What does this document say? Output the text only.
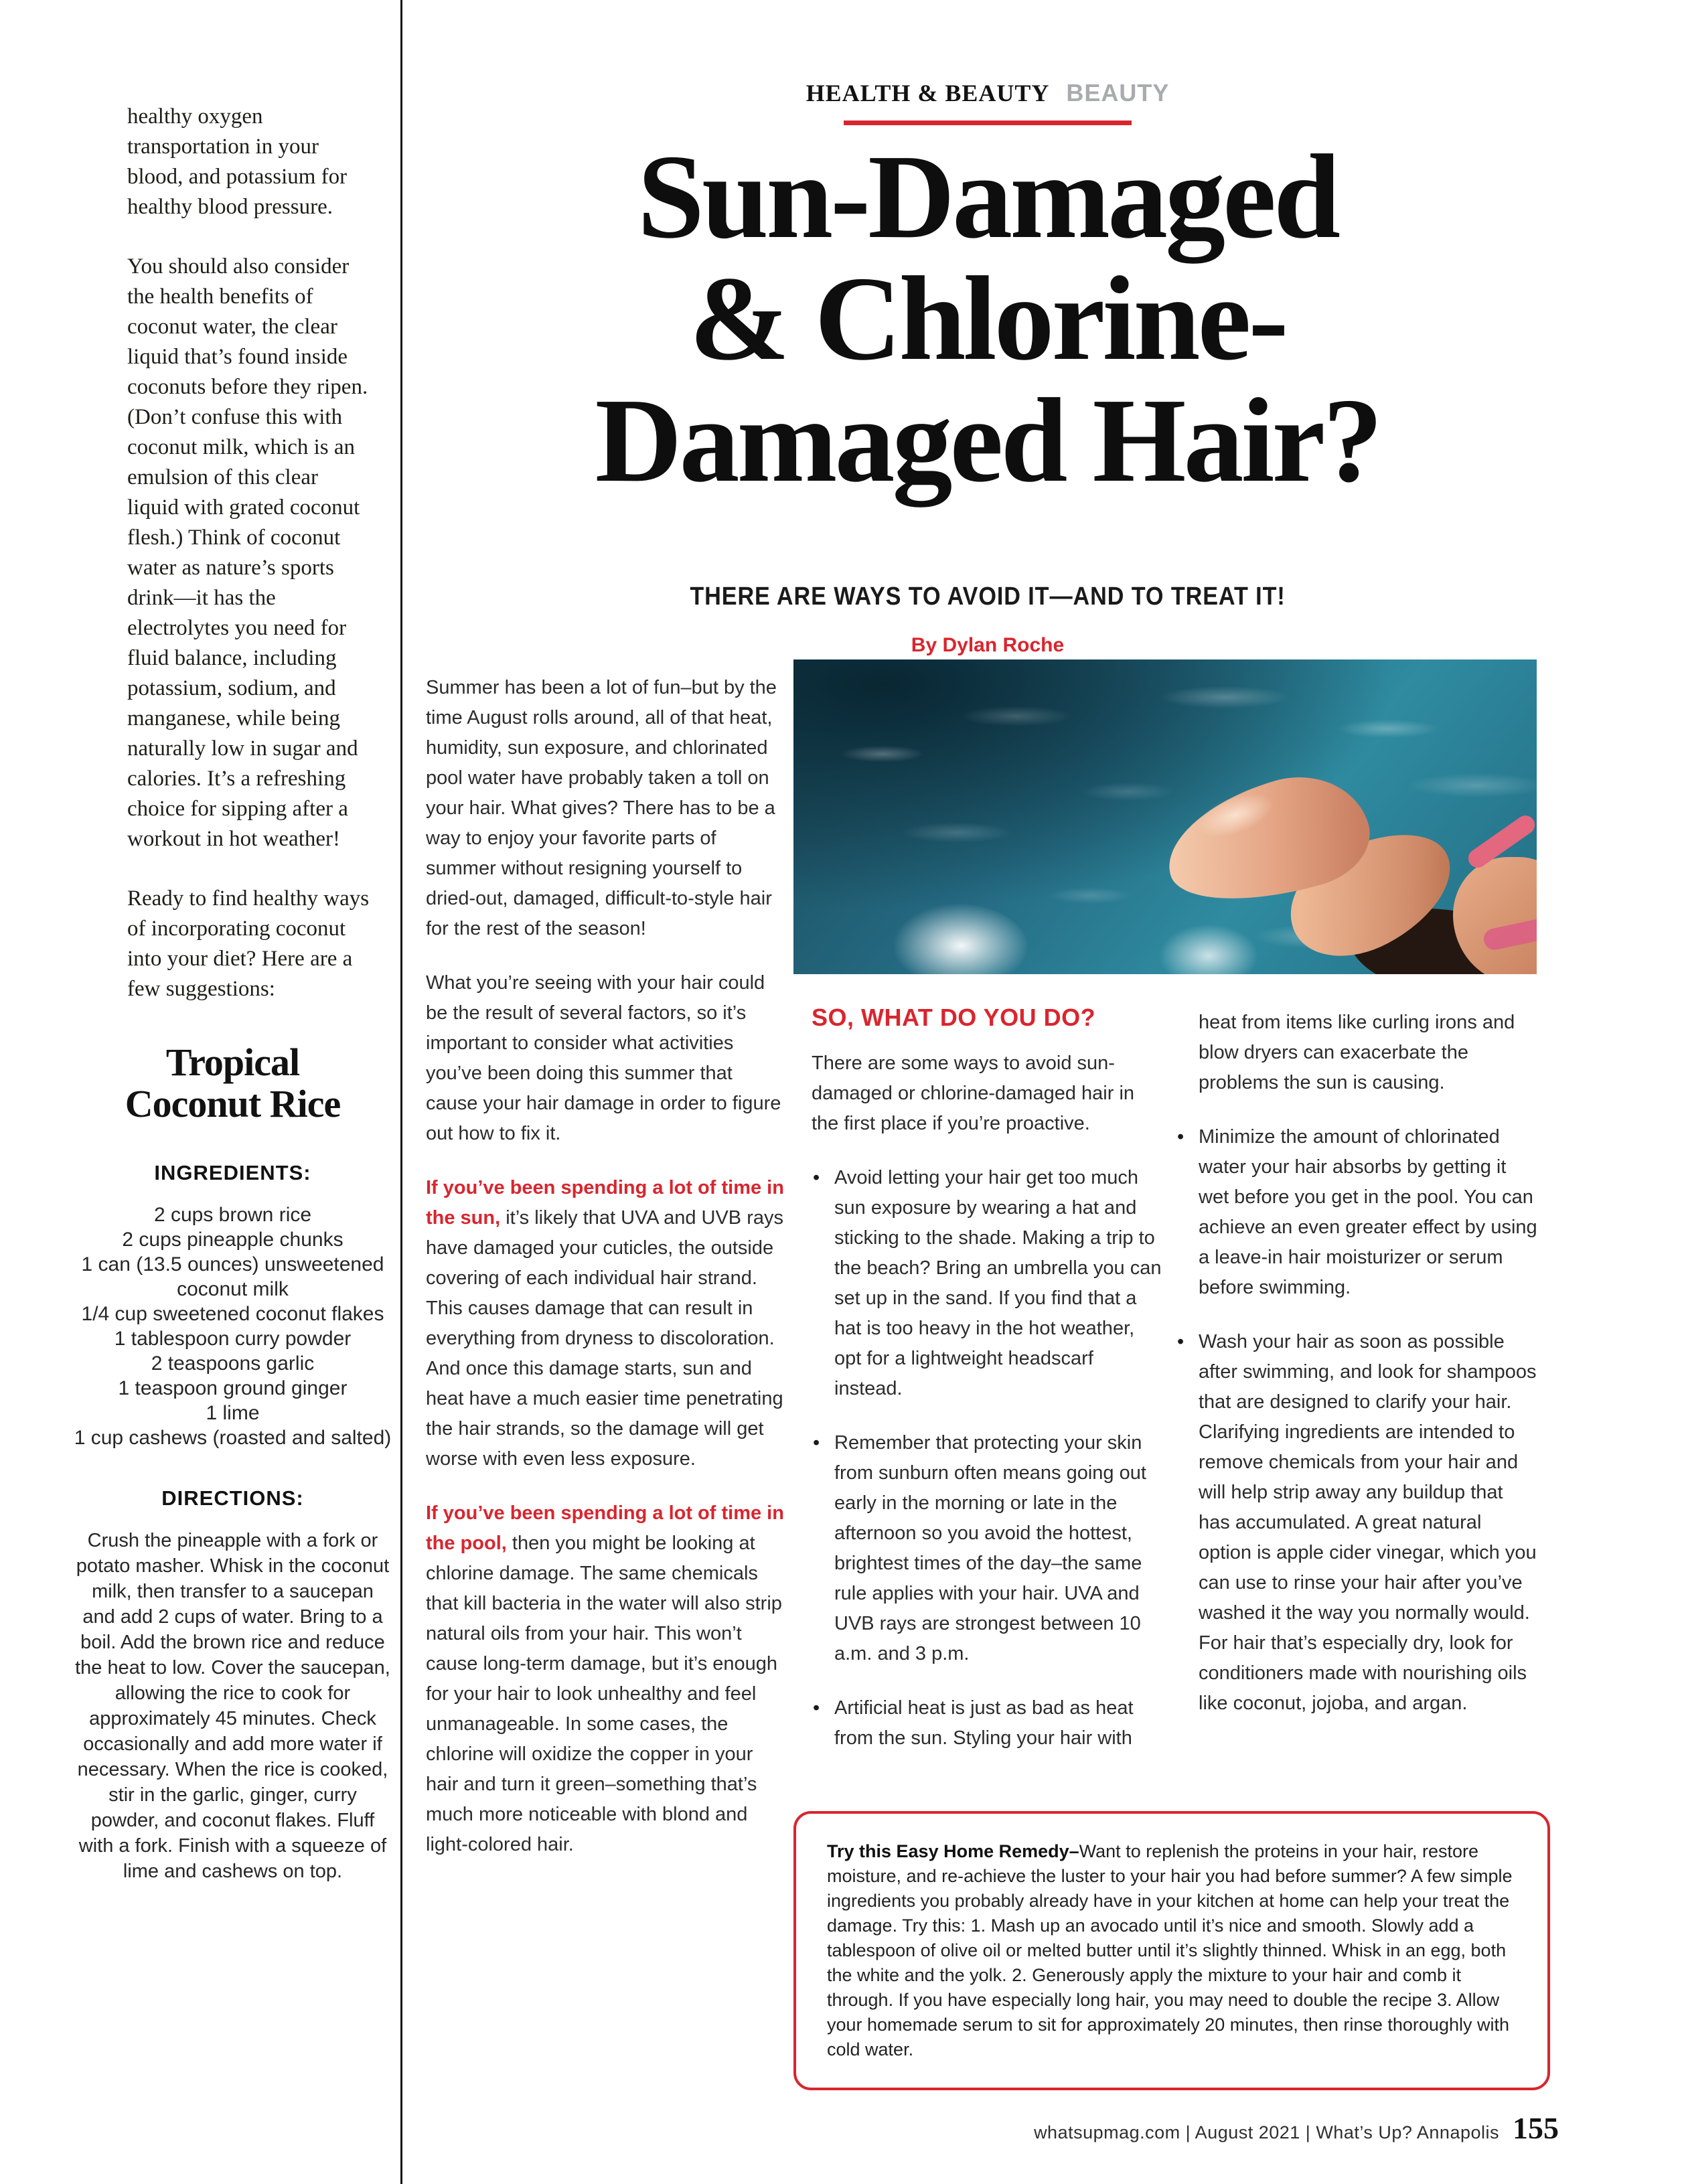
healthy oxygen transportation in your blood, and potassium for healthy blood pressure.

You should also consider the health benefits of coconut water, the clear liquid that’s found inside coconuts before they ripen. (Don’t confuse this with coconut milk, which is an emulsion of this clear liquid with grated coconut flesh.) Think of coconut water as nature’s sports drink—it has the electrolytes you need for fluid balance, including potassium, sodium, and manganese, while being naturally low in sugar and calories. It’s a refreshing choice for sipping after a workout in hot weather!

Ready to find healthy ways of incorporating coconut into your diet? Here are a few suggestions:

Tropical
Coconut Rice
INGREDIENTS:
2 cups brown rice
2 cups pineapple chunks
1 can (13.5 ounces) unsweetened coconut milk
1/4 cup sweetened coconut flakes
1 tablespoon curry powder
2 teaspoons garlic
1 teaspoon ground ginger
1 lime
1 cup cashews (roasted and salted)
DIRECTIONS:

Crush the pineapple with a fork or potato masher. Whisk in the coconut milk, then transfer to a saucepan and add 2 cups of water. Bring to a boil. Add the brown rice and reduce the heat to low. Cover the saucepan, allowing the rice to cook for approximately 45 minutes. Check occasionally and add more water if necessary. When the rice is cooked, stir in the garlic, ginger, curry powder, and coconut flakes. Fluff with a fork. Finish with a squeeze of lime and cashews on top.

HEALTH & BEAUTY BEAUTY
Sun-Damaged
& Chlorine-
Damaged Hair?
THERE ARE WAYS TO AVOID IT—AND TO TREAT IT!
By Dylan Roche

Summer has been a lot of fun–but by the time August rolls around, all of that heat, humidity, sun exposure, and chlorinated pool water have probably taken a toll on your hair. What gives? There has to be a way to enjoy your favorite parts of summer without resigning yourself to dried-out, damaged, difficult-to-style hair for the rest of the season!

What you’re seeing with your hair could be the result of several factors, so it’s important to consider what activities you’ve been doing this summer that cause your hair damage in order to figure out how to fix it.

If you’ve been spending a lot of time in the sun, it’s likely that UVA and UVB rays have damaged your cuticles, the outside covering of each individual hair strand. This causes damage that can result in everything from dryness to discoloration. And once this damage starts, sun and heat have a much easier time penetrating the hair strands, so the damage will get worse with even less exposure.

If you’ve been spending a lot of time in the pool, then you might be looking at chlorine damage. The same chemicals that kill bacteria in the water will also strip natural oils from your hair. This won’t cause long-term damage, but it’s enough for your hair to look unhealthy and feel unmanageable. In some cases, the chlorine will oxidize the copper in your hair and turn it green–something that’s much more noticeable with blond and light-colored hair.

SO, WHAT DO YOU DO?

There are some ways to avoid sun-damaged or chlorine-damaged hair in the first place if you’re proactive.

• Avoid letting your hair get too much sun exposure by wearing a hat and sticking to the shade. Making a trip to the beach? Bring an umbrella you can set up in the sand. If you find that a hat is too heavy in the hot weather, opt for a lightweight headscarf instead.

• Remember that protecting your skin from sunburn often means going out early in the morning or late in the afternoon so you avoid the hottest, brightest times of the day–the same rule applies with your hair. UVA and UVB rays are strongest between 10 a.m. and 3 p.m.

• Artificial heat is just as bad as heat from the sun. Styling your hair with

heat from items like curling irons and blow dryers can exacerbate the problems the sun is causing.

• Minimize the amount of chlorinated water your hair absorbs by getting it wet before you get in the pool. You can achieve an even greater effect by using a leave-in hair moisturizer or serum before swimming.

• Wash your hair as soon as possible after swimming, and look for shampoos that are designed to clarify your hair. Clarifying ingredients are intended to remove chemicals from your hair and will help strip away any buildup that has accumulated. A great natural option is apple cider vinegar, which you can use to rinse your hair after you’ve washed it the way you normally would. For hair that’s especially dry, look for conditioners made with nourishing oils like coconut, jojoba, and argan.

Try this Easy Home Remedy–Want to replenish the proteins in your hair, restore moisture, and re-achieve the luster to your hair you had before summer? A few simple ingredients you probably already have in your kitchen at home can help your treat the damage. Try this: 1. Mash up an avocado until it’s nice and smooth. Slowly add a tablespoon of olive oil or melted butter until it’s slightly thinned. Whisk in an egg, both the white and the yolk. 2. Generously apply the mixture to your hair and comb it through. If you have especially long hair, you may need to double the recipe 3. Allow your homemade serum to sit for approximately 20 minutes, then rinse thoroughly with cold water.

whatsupmag.com | August 2021 | What’s Up? Annapolis 155
